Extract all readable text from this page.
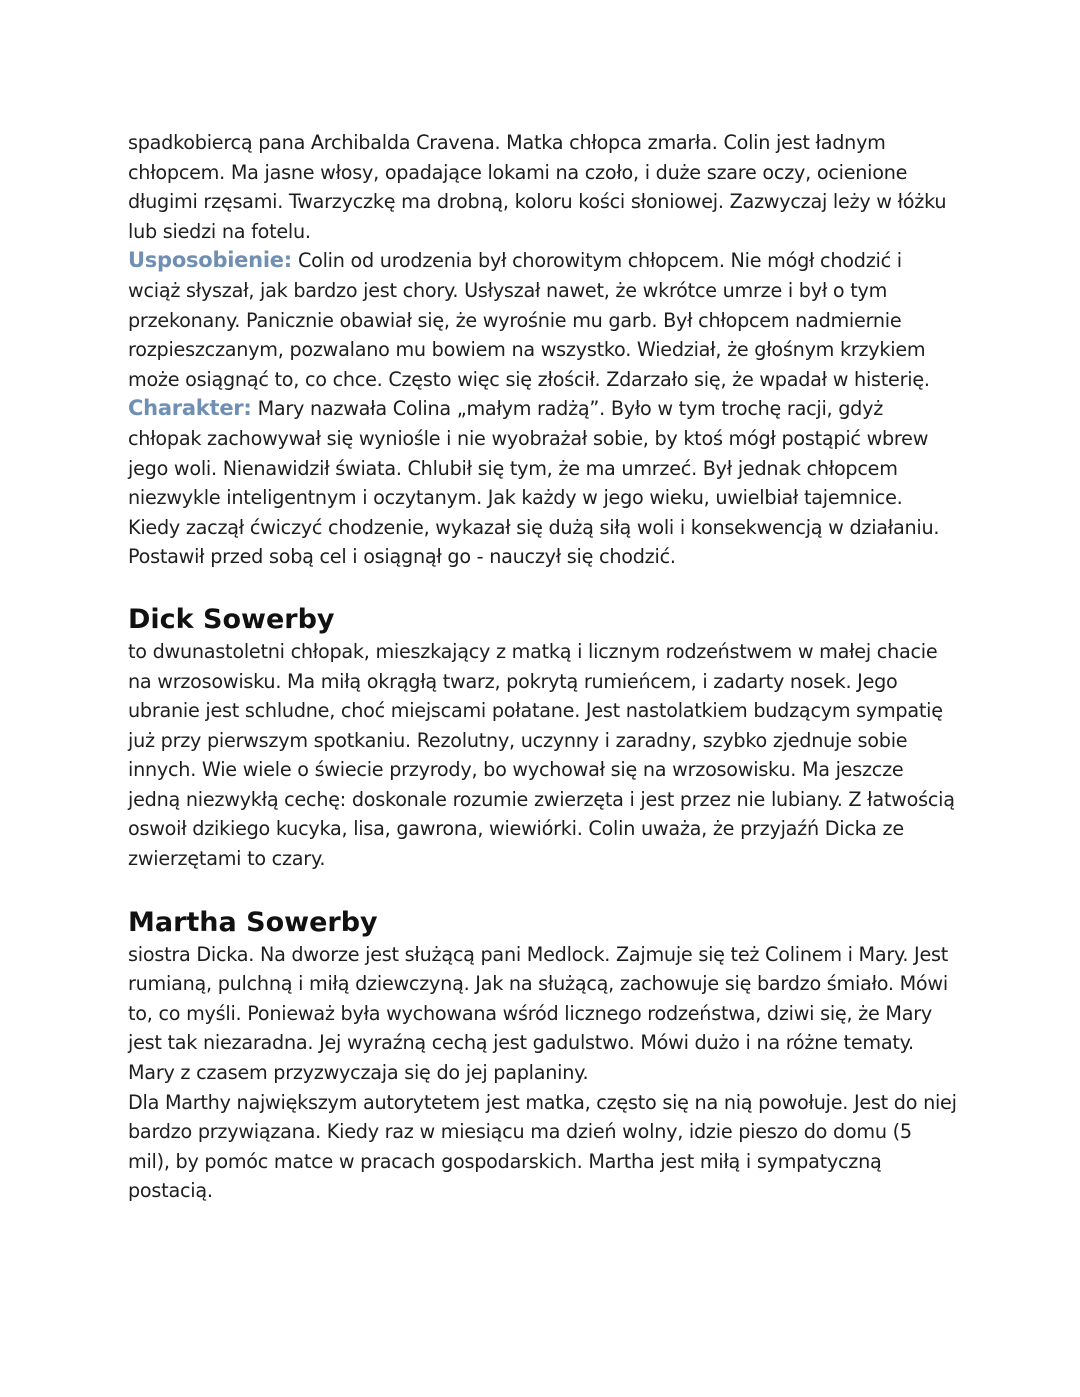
spadkobiercą pana Archibalda Cravena. Matka chłopca zmarła. Colin jest ładnym chłopcem. Ma jasne włosy, opadające lokami na czoło, i duże szare oczy, ocienione długimi rzęsami. Twarzyczkę ma drobną, koloru kości słoniowej. Zazwyczaj leży w łóżku lub siedzi na fotelu.

Usposobienie: Colin od urodzenia był chorowitym chłopcem. Nie mógł chodzić i wciąż słyszał, jak bardzo jest chory. Usłyszał nawet, że wkrótce umrze i był o tym przekonany. Panicznie obawiał się, że wyrośnie mu garb. Był chłopcem nadmiernie rozpieszczanym, pozwalano mu bowiem na wszystko. Wiedział, że głośnym krzykiem może osiągnąć to, co chce. Często więc się złościł. Zdarzało się, że wpadał w histerię.

Charakter: Mary nazwała Colina „małym radżą”. Było w tym trochę racji, gdyż chłopak zachowywał się wyniośle i nie wyobrażał sobie, by ktoś mógł postąpić wbrew jego woli. Nienawidził świata. Chlubił się tym, że ma umrzeć. Był jednak chłopcem niezwykle inteligentnym i oczytanym. Jak każdy w jego wieku, uwielbiał tajemnice. Kiedy zaczął ćwiczyć chodzenie, wykazał się dużą siłą woli i konsekwencją w działaniu. Postawił przed sobą cel i osiągnął go - nauczył się chodzić.

Dick Sowerby

to dwunastoletni chłopak, mieszkający z matką i licznym rodzeństwem w małej chacie na wrzosowisku. Ma miłą okrągłą twarz, pokrytą rumieńcem, i zadarty nosek. Jego ubranie jest schludne, choć miejscami połatane. Jest nastolatkiem budzącym sympatię już przy pierwszym spotkaniu. Rezolutny, uczynny i zaradny, szybko zjednuje sobie innych. Wie wiele o świecie przyrody, bo wychował się na wrzosowisku. Ma jeszcze jedną niezwykłą cechę: doskonale rozumie zwierzęta i jest przez nie lubiany. Z łatwością oswoił dzikiego kucyka, lisa, gawrona, wiewiórki. Colin uważa, że przyjaźń Dicka ze zwierzętami to czary.

Martha Sowerby

siostra Dicka. Na dworze jest służącą pani Medlock. Zajmuje się też Colinem i Mary. Jest rumianą, pulchną i miłą dziewczyną. Jak na służącą, zachowuje się bardzo śmiało. Mówi to, co myśli. Ponieważ była wychowana wśród licznego rodzeństwa, dziwi się, że Mary jest tak niezaradna. Jej wyraźną cechą jest gadulstwo. Mówi dużo i na różne tematy. Mary z czasem przyzwyczaja się do jej paplaniny.

Dla Marthy największym autorytetem jest matka, często się na nią powołuje. Jest do niej bardzo przywiązana. Kiedy raz w miesiącu ma dzień wolny, idzie pieszo do domu (5 mil), by pomóc matce w pracach gospodarskich. Martha jest miłą i sympatyczną postacią.
